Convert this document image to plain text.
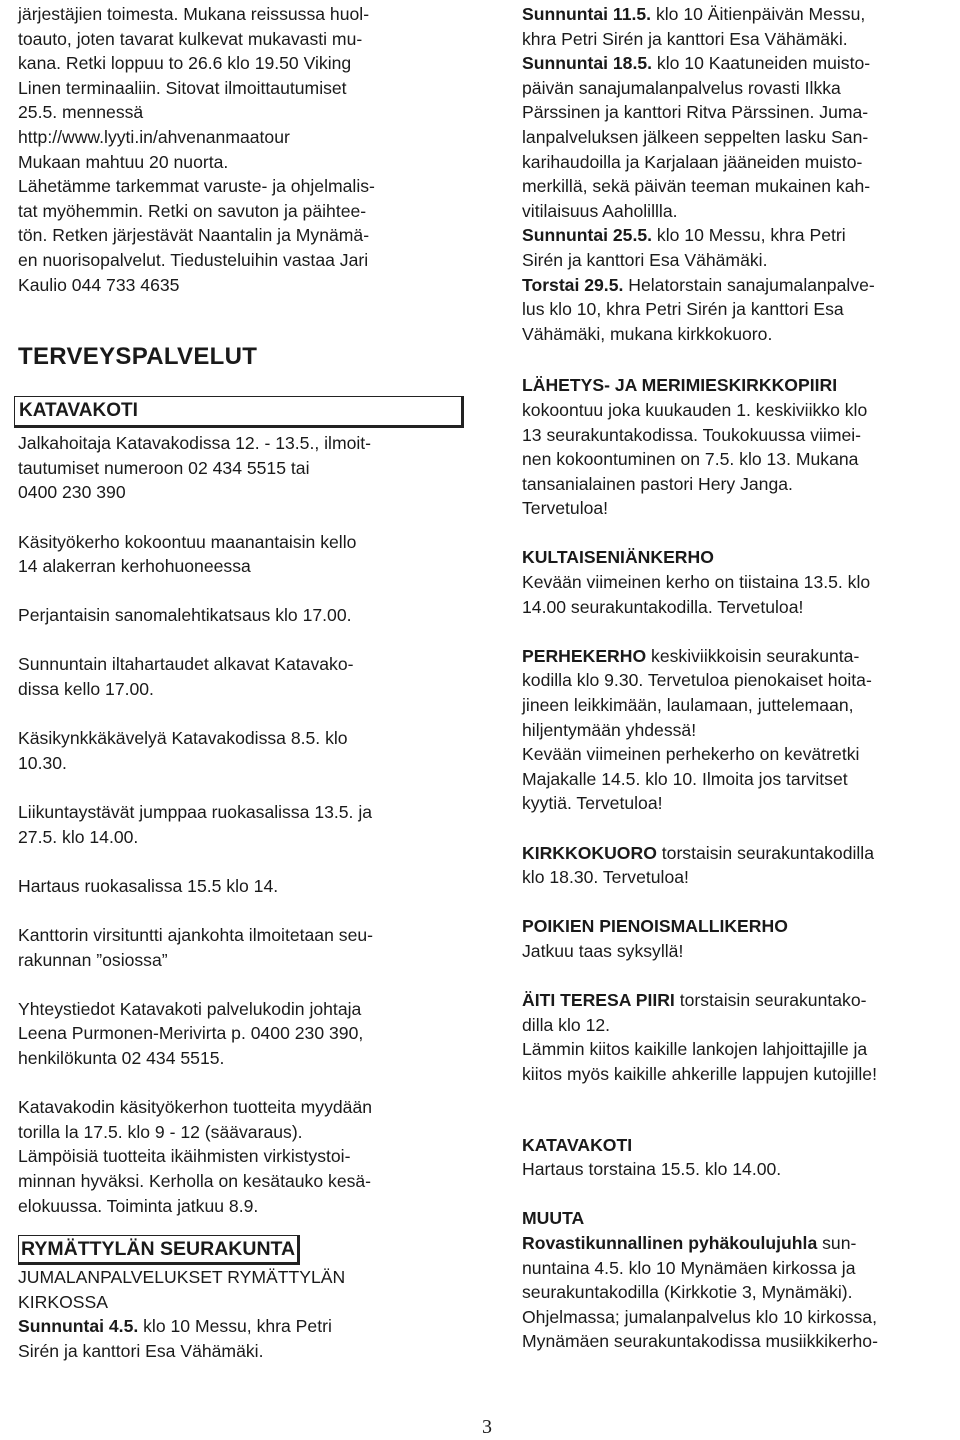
järjestäjien toimesta. Mukana reissussa huol-
toauto, joten tavarat kulkevat mukavasti mu-
kana. Retki loppuu to 26.6 klo 19.50 Viking
Linen terminaaliin. Sitovat ilmoittautumiset
25.5. mennessä
http://www.lyyti.in/ahvenanmaatour
Mukaan mahtuu 20 nuorta.
Lähetämme tarkemmat varuste- ja ohjelmalis-
tat myöhemmin. Retki on savuton ja päihtee-
tön. Retken järjestävät Naantalin ja Mynämä-
en nuorisopalvelut. Tiedusteluihin vastaa Jari
Kaulio 044 733 4635
TERVEYSPALVELUT
KATAVAKOTI
Jalkahoitaja Katavakodissa 12. - 13.5., ilmoit-
tautumiset numeroon 02 434 5515 tai
0400 230 390
Käsityökerho kokoontuu maanantaisin kello
14 alakerran kerhohuoneessa
Perjantaisin sanomalehtikatsaus klo 17.00.
Sunnuntain iltahartaudet alkavat Katavako-
dissa kello 17.00.
Käsikynkkäkävelyä Katavakodissa 8.5. klo
10.30.
Liikuntaystävät jumppaa ruokasalissa 13.5. ja
27.5. klo 14.00.
Hartaus ruokasalissa 15.5 klo 14.
Kanttorin virsituntti ajankohta ilmoitetaan seu-
rakunnan ”osiossa”
Yhteystiedot Katavakoti palvelukodin johtaja
Leena Purmonen-Merivirta p. 0400 230 390,
henkilökunta 02 434 5515.
Katavakodin käsityökerhon tuotteita myydään
torilla la 17.5. klo 9 - 12 (säävaraus).
Lämpöisiä tuotteita ikäihmisten virkistystoi-
minnan hyväksi. Kerholla on kesätauko kesä-
elokuussa. Toiminta jatkuu 8.9.
RYMÄTTYLÄN SEURAKUNTA
JUMALANPALVELUKSET RYMÄTTYLÄN
KIRKOSSA
Sunnuntai 4.5. klo 10 Messu, khra Petri
Sirén ja kanttori Esa Vähämäki.
Sunnuntai 11.5. klo 10 Äitienpäivän Messu,
khra Petri Sirén ja kanttori Esa Vähämäki.
Sunnuntai 18.5. klo 10 Kaatuneiden muisto-
päivän sanajumalanpalvelus rovasti Ilkka
Pärssinen ja kanttori Ritva Pärssinen. Juma-
lanpalveluksen jälkeen seppelten lasku San-
karihaudoilla ja Karjalaan jääneiden muisto-
merkillä, sekä päivän teeman mukainen kah-
vitilaisuus Aaholillla.
Sunnuntai 25.5. klo 10 Messu, khra Petri
Sirén ja kanttori Esa Vähämäki.
Torstai 29.5. Helatorstain sanajumalanpalve-
lus klo 10, khra Petri Sirén ja kanttori Esa
Vähämäki, mukana kirkkokuoro.
LÄHETYS- JA MERIMIESKIRKKOPIIRI
kokoontuu joka kuukauden 1. keskiviikko klo
13 seurakuntakodissa. Toukokuussa viimei-
nen kokoontuminen on 7.5. klo 13. Mukana
tansanialainen pastori Hery Janga.
Tervetuloa!
KULTAISENIÄNKERHO
Kevään viimeinen kerho on tiistaina 13.5. klo
14.00 seurakuntakodilla. Tervetuloa!
PERHEKERHO keskiviikkoisin seurakunta-
kodilla klo 9.30. Tervetuloa pienokaiset hoita-
jineen leikkimään, laulamaan, juttelemaan,
hiljentymään yhdessä!
Kevään viimeinen perhekerho on kevätretki
Majakalle 14.5. klo 10. Ilmoita jos tarvitset
kyytiä. Tervetuloa!
KIRKKOKUORO torstaisin seurakuntakodilla
klo 18.30. Tervetuloa!
POIKIEN PIENOISMALLIKERHO
Jatkuu taas syksyllä!
ÄITI TERESA PIIRI torstaisin seurakuntako-
dilla klo 12.
Lämmin kiitos kaikille lankojen lahjoittajille ja
kiitos myös kaikille ahkerille lappujen kutojille!
KATAVAKOTI
Hartaus torstaina 15.5. klo 14.00.
MUUTA
Rovastikunnallinen pyhäkoulujuhla sun-
nuntaina 4.5. klo 10 Mynämäen kirkossa ja
seurakuntakodilla (Kirkkotie 3, Mynämäki).
Ohjelmassa; jumalanpalvelus klo 10 kirkossa,
Mynämäen seurakuntakodissa musiikkikerho-
3
